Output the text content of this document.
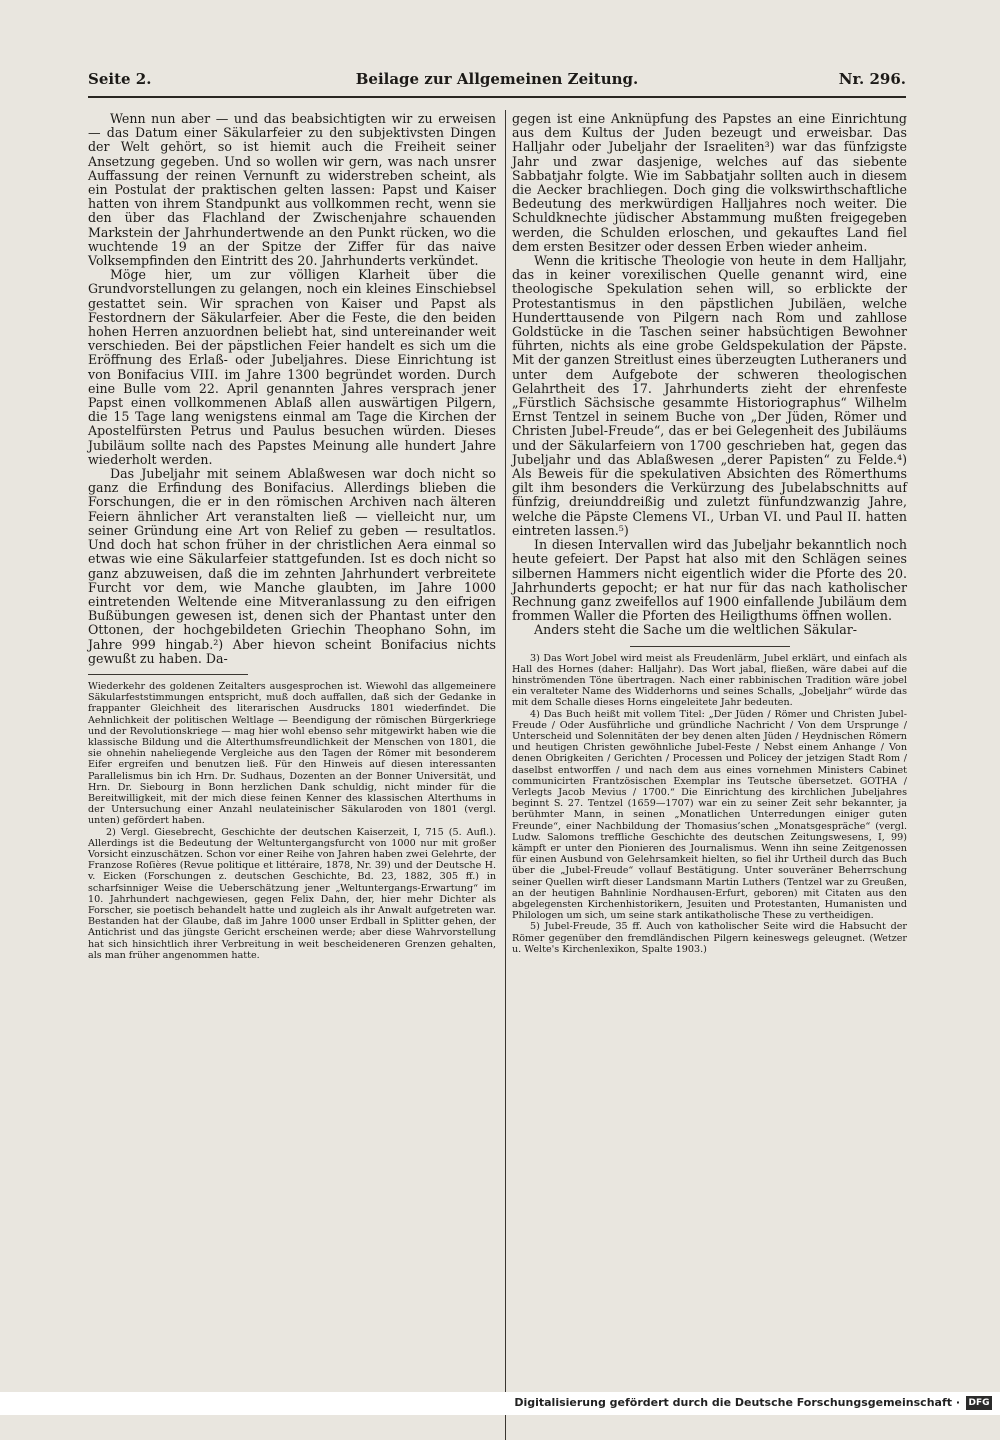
Beilage zur Allgemeinen Zeitung.
Seite 2.	Nr. 296.

Wenn nun aber — und das beabsichtigten wir zu erweisen — das Datum einer Säkularfeier zu den subjektivsten Dingen der Welt gehört, so ist hiemit auch die Freiheit seiner Ansetzung gegeben. Und so wollen wir gern, was nach unsrer Auffassung der reinen Vernunft zu widerstreben scheint, als ein Postulat der praktischen gelten lassen: Papst und Kaiser hatten von ihrem Standpunkt aus vollkommen recht, wenn sie den über das Flachland der Zwischenjahre schauenden Markstein der Jahrhundertwende an den Punkt rücken, wo die wuchtende 19 an der Spitze der Ziffer für das naive Volksempfinden den Eintritt des 20. Jahrhunderts verkündet.

Möge hier, um zur völligen Klarheit über die Grundvorstellungen zu gelangen, noch ein kleines Einschiebsel gestattet sein. Wir sprachen von Kaiser und Papst als Festordnern der Säkularfeier. Aber die Feste, die den beiden hohen Herren anzuordnen beliebt hat, sind untereinander weit verschieden. Bei der päpstlichen Feier handelt es sich um die Eröffnung des Erlaß- oder Jubeljahres. Diese Einrichtung ist von Bonifacius VIII. im Jahre 1300 begründet worden. Durch eine Bulle vom 22. April genannten Jahres versprach jener Papst einen vollkommenen Ablaß allen auswärtigen Pilgern, die 15 Tage lang wenigstens einmal am Tage die Kirchen der Apostelfürsten Petrus und Paulus besuchen würden. Dieses Jubiläum sollte nach des Papstes Meinung alle hundert Jahre wiederholt werden.

Das Jubeljahr mit seinem Ablaßwesen war doch nicht so ganz die Erfindung des Bonifacius. Allerdings blieben die Forschungen, die er in den römischen Archiven nach älteren Feiern ähnlicher Art veranstalten ließ — vielleicht nur, um seiner Gründung eine Art von Relief zu geben — resultatlos. Und doch hat schon früher in der christlichen Aera einmal so etwas wie eine Säkularfeier stattgefunden. Ist es doch nicht so ganz abzuweisen, daß die im zehnten Jahrhundert verbreitete Furcht vor dem, wie Manche glaubten, im Jahre 1000 eintretenden Weltende eine Mitveranlassung zu den eifrigen Bußübungen gewesen ist, denen sich der Phantast unter den Ottonen, der hochgebildeten Griechin Theophano Sohn, im Jahre 999 hingab.²) Aber hievon scheint Bonifacius nichts gewußt zu haben. Da-

Wiederkehr des goldenen Zeitalters ausgesprochen ist. Wiewohl das allgemeinere Säkularfeststimmungen entspricht, muß doch auffallen, daß sich der Gedanke in frappanter Gleichheit des literarischen Ausdrucks 1801 wiederfindet. Die Aehnlichkeit der politischen Weltlage — Beendigung der römischen Bürgerkriege und der Revolutionskriege — mag hier wohl ebenso sehr mitgewirkt haben wie die klassische Bildung und die Alterthumsfreundlichkeit der Menschen von 1801, die sie ohnehin naheliegende Vergleiche aus den Tagen der Römer mit besonderem Eifer ergreifen und benutzen ließ. Für den Hinweis auf diesen interessanten Parallelismus bin ich Hrn. Dr. Sudhaus, Dozenten an der Bonner Universität, und Hrn. Dr. Siebourg in Bonn herzlichen Dank schuldig, nicht minder für die Bereitwilligkeit, mit der mich diese feinen Kenner des klassischen Alterthums in der Untersuchung einer Anzahl neulateinischer Säkularoden von 1801 (vergl. unten) gefördert haben.

2) Vergl. Giesebrecht, Geschichte der deutschen Kaiserzeit, I, 715 (5. Aufl.). Allerdings ist die Bedeutung der Weltuntergangsfurcht von 1000 nur mit großer Vorsicht einzuschätzen. Schon vor einer Reihe von Jahren haben zwei Gelehrte, der Franzose Roſières (Revue politique et littéraire, 1878, Nr. 39) und der Deutsche H. v. Eicken (Forschungen z. deutschen Geschichte, Bd. 23, 1882, 305 ff.) in scharfsinniger Weise die Ueberschätzung jener „Weltuntergangs-Erwartung“ im 10. Jahrhundert nachgewiesen, gegen Felix Dahn, der, hier mehr Dichter als Forscher, sie poetisch behandelt hatte und zugleich als ihr Anwalt aufgetreten war. Bestanden hat der Glaube, daß im Jahre 1000 unser Erdball in Splitter gehen, der Antichrist und das jüngste Gericht erscheinen werde; aber diese Wahrvorstellung hat sich hinsichtlich ihrer Verbreitung in weit bescheideneren Grenzen gehalten, als man früher angenommen hatte.

gegen ist eine Anknüpfung des Papstes an eine Einrichtung aus dem Kultus der Juden bezeugt und erweisbar. Das Halljahr oder Jubeljahr der Israeliten³) war das fünfzigste Jahr und zwar dasjenige, welches auf das siebente Sabbatjahr folgte. Wie im Sabbatjahr sollten auch in diesem die Aecker brachliegen. Doch ging die volkswirthschaftliche Bedeutung des merkwürdigen Halljahres noch weiter. Die Schuldknechte jüdischer Abstammung mußten freigegeben werden, die Schulden erloschen, und gekauftes Land fiel dem ersten Besitzer oder dessen Erben wieder anheim.

Wenn die kritische Theologie von heute in dem Halljahr, das in keiner vorexilischen Quelle genannt wird, eine theologische Spekulation sehen will, so erblickte der Protestantismus in den päpstlichen Jubiläen, welche Hunderttausende von Pilgern nach Rom und zahllose Goldstücke in die Taschen seiner habsüchtigen Bewohner führten, nichts als eine grobe Geldspekulation der Päpste. Mit der ganzen Streitlust eines überzeugten Lutheraners und unter dem Aufgebote der schweren theologischen Gelahrtheit des 17. Jahrhunderts zieht der ehrenfeste „Fürstlich Sächsische gesammte Historiographus“ Wilhelm Ernst Tentzel in seinem Buche von „Der Jüden, Römer und Christen Jubel-Freude“, das er bei Gelegenheit des Jubiläums und der Säkularfeiern von 1700 geschrieben hat, gegen das Jubeljahr und das Ablaßwesen „derer Papisten“ zu Felde.⁴) Als Beweis für die spekulativen Absichten des Römerthums gilt ihm besonders die Verkürzung des Jubelabschnitts auf fünfzig, dreiunddreißig und zuletzt fünfundzwanzig Jahre, welche die Päpste Clemens VI., Urban VI. und Paul II. hatten eintreten lassen.⁵)

In diesen Intervallen wird das Jubeljahr bekanntlich noch heute gefeiert. Der Papst hat also mit den Schlägen seines silbernen Hammers nicht eigentlich wider die Pforte des 20. Jahrhunderts gepocht; er hat nur für das nach katholischer Rechnung ganz zweifellos auf 1900 einfallende Jubiläum dem frommen Waller die Pforten des Heiligthums öffnen wollen.

Anders steht die Sache um die weltlichen Säkular-

3) Das Wort Jobel wird meist als Freudenlärm, Jubel erklärt, und einfach als Hall des Hornes (daher: Halljahr). Das Wort jabal, fließen, wäre dabei auf die hinströmenden Töne übertragen. Nach einer rabbinischen Tradition wäre jobel ein veralteter Name des Widderhorns und seines Schalls, „Jobeljahr“ würde das mit dem Schalle dieses Horns eingeleitete Jahr bedeuten.

4) Das Buch heißt mit vollem Titel: „Der Jüden / Römer und Christen Jubel-Freude / Oder Ausführliche und gründliche Nachricht / Von dem Ursprunge / Unterscheid und Solennitäten der bey denen alten Jüden / Heydnischen Römern und heutigen Christen gewöhnliche Jubel-Feste / Nebst einem Anhange / Von denen Obrigkeiten / Gerichten / Processen und Policey der jetzigen Stadt Rom / daselbst entworffen / und nach dem aus eines vornehmen Ministers Cabinet communicirten Frantzösischen Exemplar ins Teutsche übersetzet. GOTHA / Verlegts Jacob Mevius / 1700.“ Die Einrichtung des kirchlichen Jubeljahres beginnt S. 27. Tentzel (1659—1707) war ein zu seiner Zeit sehr bekannter, ja berühmter Mann, in seinen „Monatlichen Unterredungen einiger guten Freunde“, einer Nachbildung der Thomasius’schen „Monatsgespräche“ (vergl. Ludw. Salomons treffliche Geschichte des deutschen Zeitungswesens, I, 99) kämpft er unter den Pionieren des Journalismus. Wenn ihn seine Zeitgenossen für einen Ausbund von Gelehrsamkeit hielten, so fiel ihr Urtheil durch das Buch über die „Jubel-Freude“ vollauf Bestätigung. Unter souveräner Beherrschung seiner Quellen wirft dieser Landsmann Martin Luthers (Tentzel war zu Greußen, an der heutigen Bahnlinie Nordhausen-Erfurt, geboren) mit Citaten aus den abgelegensten Kirchenhistorikern, Jesuiten und Protestanten, Humanisten und Philologen um sich, um seine stark antikatholische These zu vertheidigen.

5) Jubel-Freude, 35 ff. Auch von katholischer Seite wird die Habsucht der Römer gegenüber den fremdländischen Pilgern keineswegs geleugnet. (Wetzer u. Welte's Kirchenlexikon, Spalte 1903.)

Digitalisierung gefördert durch die Deutsche Forschungsgemeinschaft · DFG
